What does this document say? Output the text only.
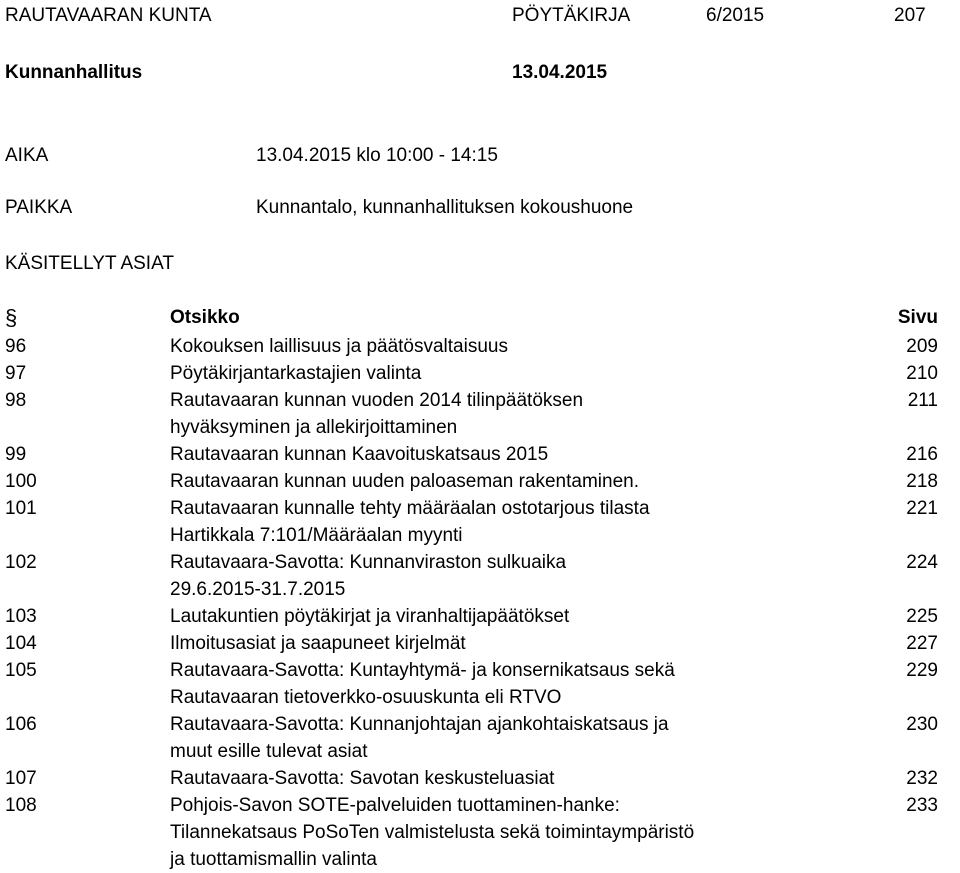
RAUTAVAARAN KUNTA	PÖYTÄKIRJA	6/2015	207
Kunnanhallitus	13.04.2015
AIKA	13.04.2015 klo 10:00 - 14:15
PAIKKA	Kunnantalo, kunnanhallituksen kokoushuone
KÄSITELLYT ASIAT
§	Otsikko	Sivu
96	Kokouksen laillisuus ja päätösvaltaisuus	209
97	Pöytäkirjantarkastajien valinta	210
98	Rautavaaran kunnan vuoden 2014 tilinpäätöksen
hyväksyminen ja allekirjoittaminen	211
99	Rautavaaran kunnan Kaavoituskatsaus 2015	216
100	Rautavaaran kunnan uuden paloaseman rakentaminen.	218
101	Rautavaaran kunnalle tehty määräalan ostotarjous tilasta
Hartikkala 7:101/Määräalan myynti	221
102	Rautavaara-Savotta: Kunnanviraston sulkuaika
29.6.2015-31.7.2015	224
103	Lautakuntien pöytäkirjat ja viranhaltijapäätökset	225
104	Ilmoitusasiat ja saapuneet kirjelmät	227
105	Rautavaara-Savotta: Kuntayhtymä- ja konsernikatsaus sekä
Rautavaaran tietoverkko-osuuskunta eli RTVO	229
106	Rautavaara-Savotta: Kunnanjohtajan ajankohtaiskatsaus ja
muut esille tulevat asiat	230
107	Rautavaara-Savotta: Savotan keskusteluasiat	232
108	Pohjois-Savon SOTE-palveluiden tuottaminen-hanke:
Tilannekatsaus PoSoTen valmistelusta sekä toimintaympäristö
ja tuottamismallin valinta	233
